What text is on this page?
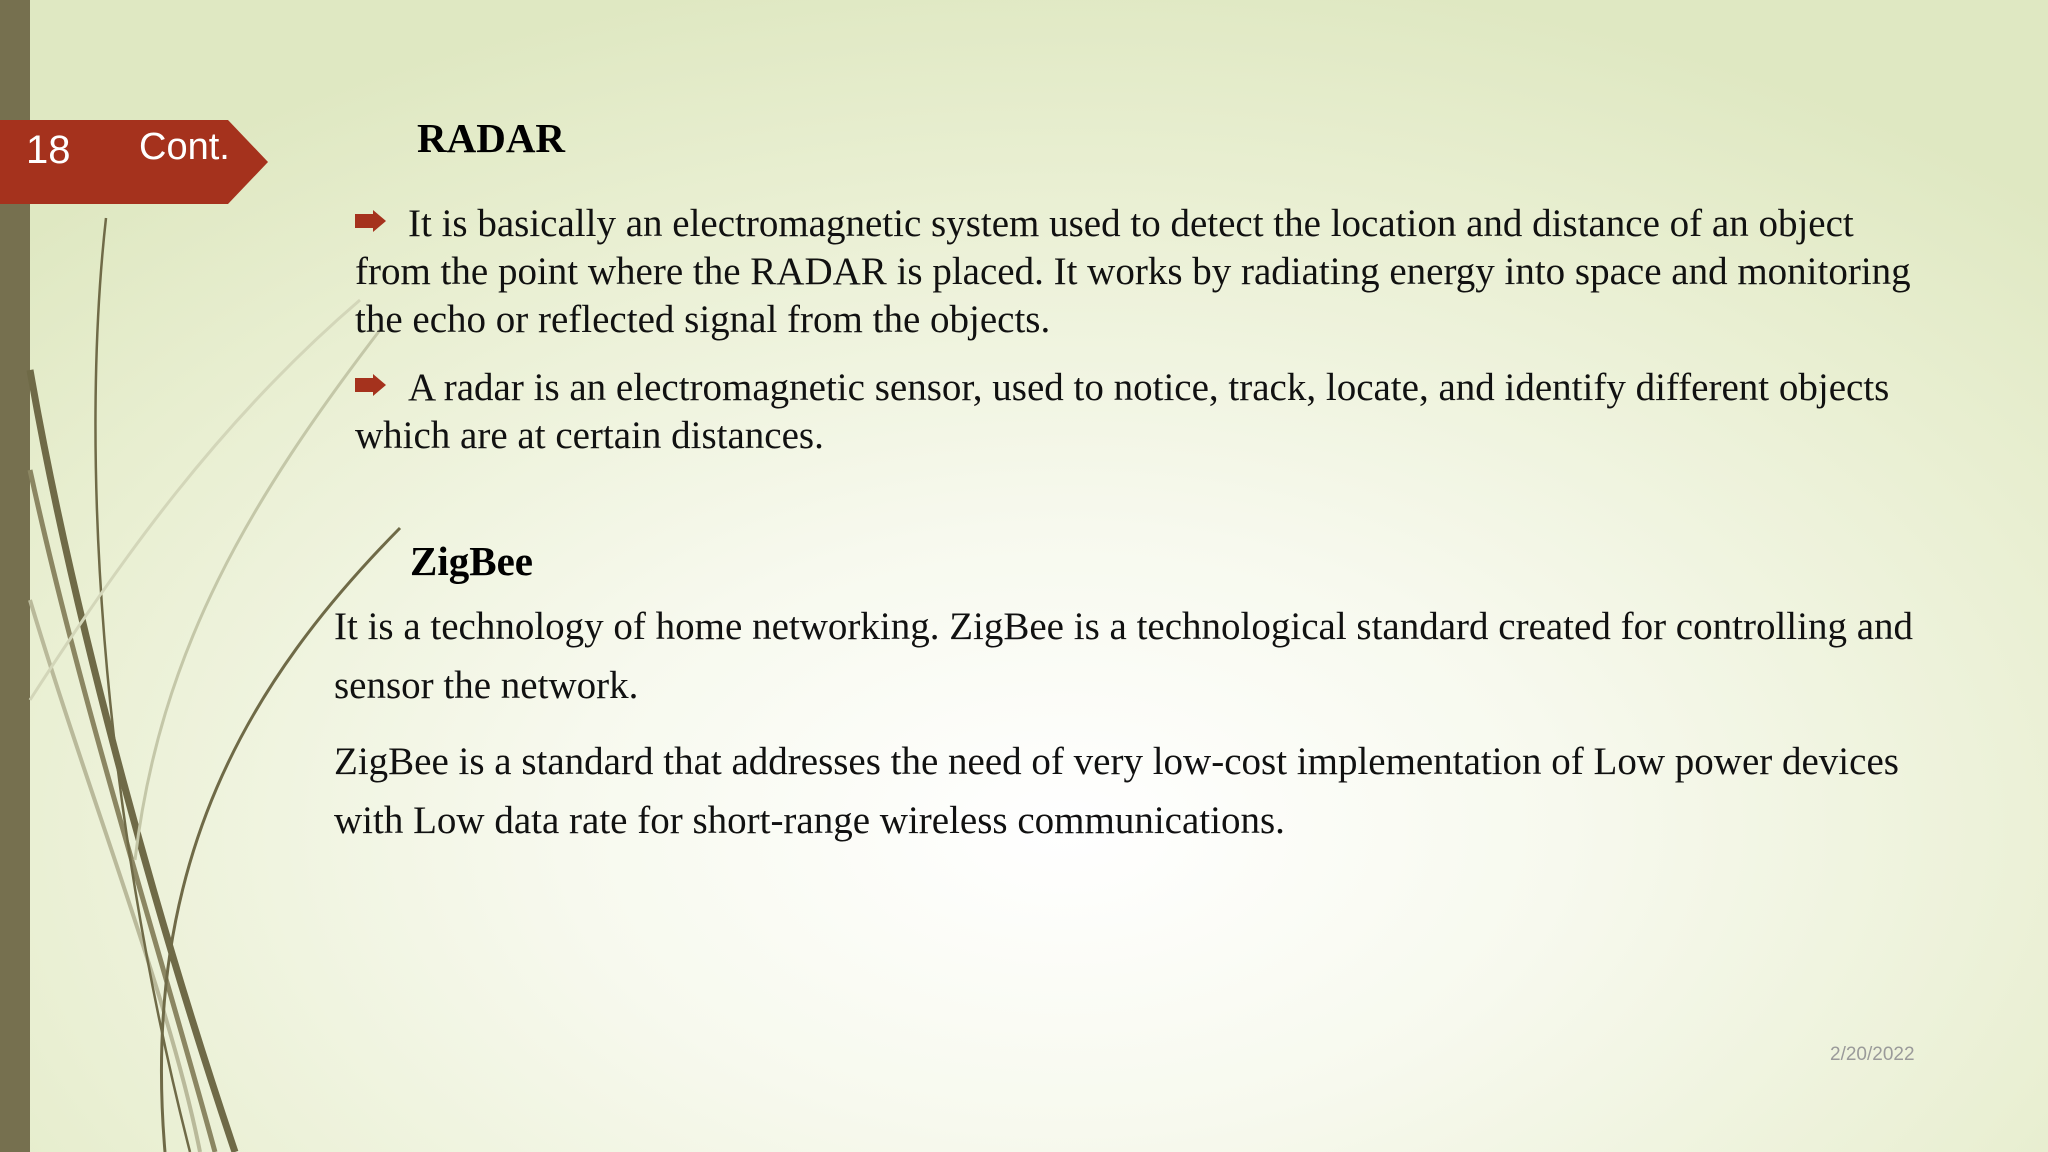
18 Cont.	RADAR
It is basically an electromagnetic system used to detect the location and distance of an object from the point where the RADAR is placed. It works by radiating energy into space and monitoring the echo or reflected signal from the objects.
A radar is an electromagnetic sensor, used to notice, track, locate, and identify different objects which are at certain distances.
ZigBee
It is a technology of home networking. ZigBee is a technological standard created for controlling and sensor the network.
ZigBee is a standard that addresses the need of very low-cost implementation of Low power devices with Low data rate for short-range wireless communications.
2/20/2022
